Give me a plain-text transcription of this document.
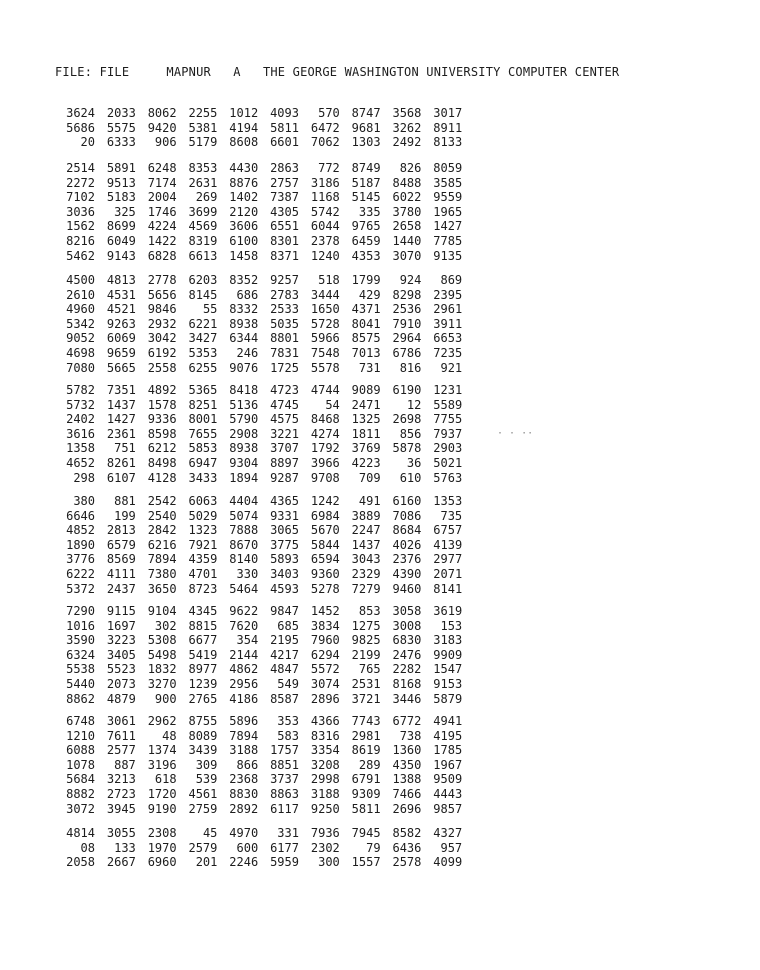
FILE: FILE	MAPNUR A THE GEORGE WASHINGTON UNIVERSITY COMPUTER CENTER
3624 2033 8062 2255 1012 4093	570 8747 3568 3017
5686 5575 9420 5381 4194 5811 6472 9681 3262 8911
20 6333	906 5179 8608 6601 7062 1303 2492 8133
2514 5891 6248 8353 4430 2863	772 8749	826 8059
2272 9513 7174 2631 8876 2757 3186 5187 8488 3585
7102 5183 2004	269 1402 7387 1168 5145 6022 9559
3036	325 1746 3699 2120 4305 5742	335 3780 1965
1562 8699 4224 4569 3606 6551 6044 9765 2658 1427
8216 6049 1422 8319 6100 8301 2378 6459 1440 7785
5462 9143 6828 6613 1458 8371 1240 4353 3070 9135
4500 4813 2778 6203 8352 9257	518 1799	924	869
2610 4531 5656 8145	686 2783 3444	429 8298 2395
4960 4521 9846	55 8332 2533 1650 4371 2536 2961
5342 9263 2932 6221 8938 5035 5728 8041 7910 3911
9052 6069 3042 3427 6344 8801 5966 8575 2964 6653
4698 9659 6192 5353	246 7831 7548 7013 6786 7235
7080 5665 2558 6255 9076 1725 5578	731	816	921
5782 7351 4892 5365 8418 4723 4744 9089 6190 1231
5732 1437 1578 8251 5136 4745	54 2471	12 5589
2402 1427 9336 8001 5790 4575 8468 1325 2698 7755
3616 2361 8598 7655 2908 3221 4274 1811	856 7937
1358	751 6212 5853 8938 3707 1792 3769 5878 2903
4652 8261 8498 6947 9304 8897 3966 4223	36 5021
298 6107 4128 3433 1894 9287 9708	709	610 5763
380	881 2542 6063 4404 4365 1242	491 6160 1353
6646	199 2540 5029 5074 9331 6984 3889 7086	735
4852 2813 2842 1323 7888 3065 5670 2247 8684 6757
1890 6579 6216 7921 8670 3775 5844 1437 4026 4139
3776 8569 7894 4359 8140 5893 6594 3043 2376 2977
6222 4111 7380 4701	330 3403 9360 2329 4390 2071
5372 2437 3650 8723 5464 4593 5278 7279 9460 8141
7290 9115 9104 4345 9622 9847 1452	853 3058 3619
1016 1697	302 8815 7620	685 3834 1275 3008	153
3590 3223 5308 6677	354 2195 7960 9825 6830 3183
6324 3405 5498 5419 2144 4217 6294 2199 2476 9909
5538 5523 1832 8977 4862 4847 5572	765 2282 1547
5440 2073 3270 1239 2956	549 3074 2531 8168 9153
8862 4879	900 2765 4186 8587 2896 3721 3446 5879
6748 3061 2962 8755 5896	353 4366 7743 6772 4941
1210 7611	48 8089 7894	583 8316 2981	738 4195
6088 2577 1374 3439 3188 1757 3354 8619 1360 1785
1078	887 3196	309	866 8851 3208	289 4350 1967
5684 3213	618	539 2368 3737 2998 6791 1388 9509
8882 2723 1720 4561 8830 8863 3188 9309 7466 4443
3072 3945 9190 2759 2892 6117 9250 5811 2696 9857
4814 3055 2308	45 4970	331 7936 7945 8582 4327
08	133 1970 2579	600 6177 2302	79 6436	957
2058 2667 6960	201 2246 5959	300 1557 2578 4099
· · ··
